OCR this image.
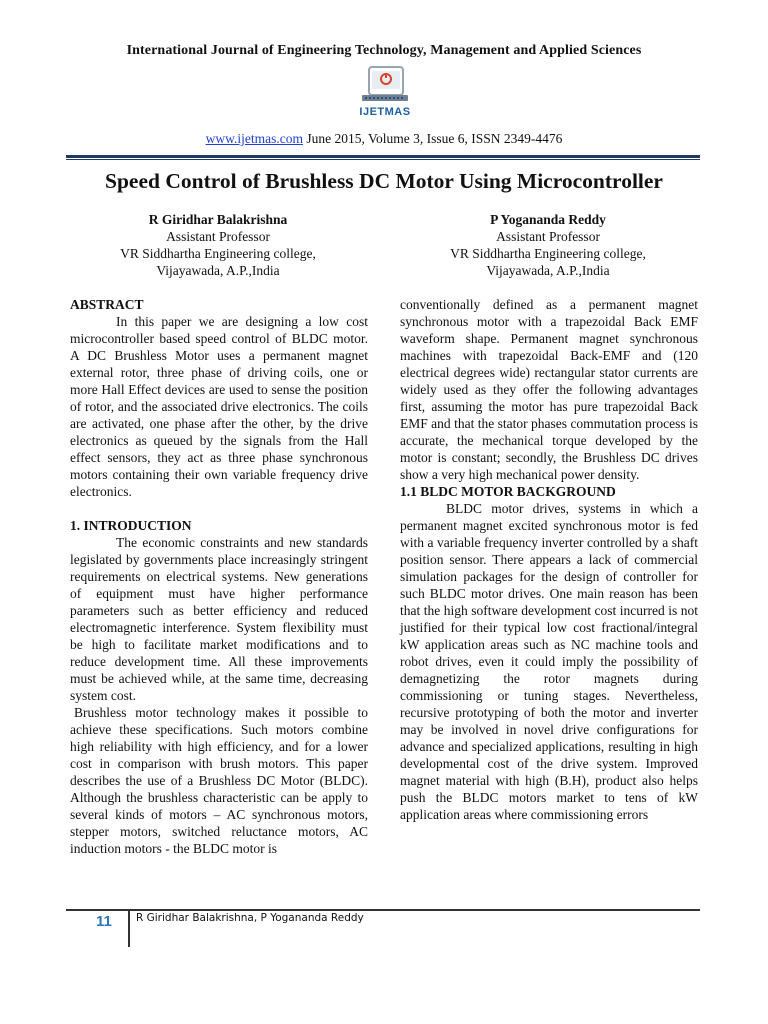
International Journal of Engineering Technology, Management and Applied Sciences
IJETMAS
www.ijetmas.com June 2015, Volume 3, Issue 6, ISSN 2349-4476
Speed Control of Brushless DC Motor Using Microcontroller
R Giridhar Balakrishna
Assistant Professor
VR Siddhartha Engineering college,
Vijayawada, A.P.,India
P Yogananda Reddy
Assistant Professor
VR Siddhartha Engineering college,
Vijayawada, A.P.,India
ABSTRACT

In this paper we are designing a low cost microcontroller based speed control of BLDC motor. A DC Brushless Motor uses a permanent magnet external rotor, three phase of driving coils, one or more Hall Effect devices are used to sense the position of rotor, and the associated drive electronics. The coils are activated, one phase after the other, by the drive electronics as queued by the signals from the Hall effect sensors, they act as three phase synchronous motors containing their own variable frequency drive electronics.

1. INTRODUCTION

The economic constraints and new standards legislated by governments place increasingly stringent requirements on electrical systems. New generations of equipment must have higher performance parameters such as better efficiency and reduced electromagnetic interference. System flexibility must be high to facilitate market modifications and to reduce development time. All these improvements must be achieved while, at the same time, decreasing system cost.

Brushless motor technology makes it possible to achieve these specifications. Such motors combine high reliability with high efficiency, and for a lower cost in comparison with brush motors. This paper describes the use of a Brushless DC Motor (BLDC). Although the brushless characteristic can be apply to several kinds of motors – AC synchronous motors, stepper motors, switched reluctance motors, AC induction motors - the BLDC motor is

conventionally defined as a permanent magnet synchronous motor with a trapezoidal Back EMF waveform shape. Permanent magnet synchronous machines with trapezoidal Back-EMF and (120 electrical degrees wide) rectangular stator currents are widely used as they offer the following advantages first, assuming the motor has pure trapezoidal Back EMF and that the stator phases commutation process is accurate, the mechanical torque developed by the motor is constant; secondly, the Brushless DC drives show a very high mechanical power density.

1.1 BLDC MOTOR BACKGROUND

BLDC motor drives, systems in which a permanent magnet excited synchronous motor is fed with a variable frequency inverter controlled by a shaft position sensor. There appears a lack of commercial simulation packages for the design of controller for such BLDC motor drives. One main reason has been that the high software development cost incurred is not justified for their typical low cost fractional/integral kW application areas such as NC machine tools and robot drives, even it could imply the possibility of demagnetizing the rotor magnets during commissioning or tuning stages. Nevertheless, recursive prototyping of both the motor and inverter may be involved in novel drive configurations for advance and specialized applications, resulting in high developmental cost of the drive system. Improved magnet material with high (B.H), product also helps push the BLDC motors market to tens of kW application areas where commissioning errors

11 R Giridhar Balakrishna, P Yogananda Reddy
